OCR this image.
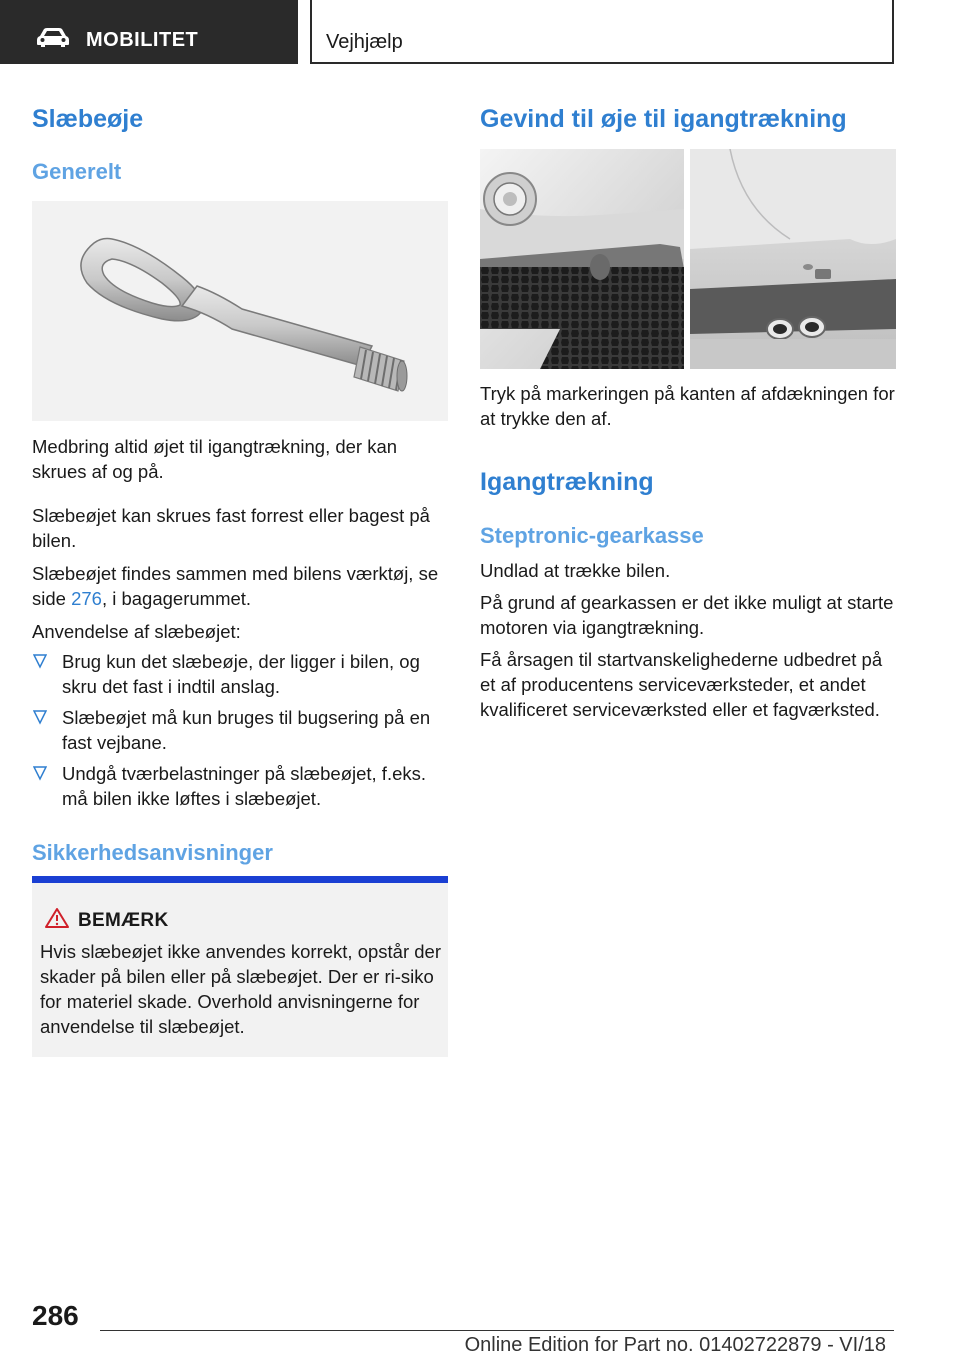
MOBILITET	Vejhjælp
Slæbeøje
Generelt

Medbring altid øjet til igangtrækning, der kan skrues af og på.

Slæbeøjet kan skrues fast forrest eller bagest på bilen.

Slæbeøjet findes sammen med bilens værktøj, se side 276, i bagagerummet.

Anvendelse af slæbeøjet:

Brug kun det slæbeøje, der ligger i bilen, og skru det fast i indtil anslag.
Slæbeøjet må kun bruges til bugsering på en fast vejbane.
Undgå tværbelastninger på slæbeøjet, f.eks. må bilen ikke løftes i slæbeøjet.
Sikkerhedsanvisninger
BEMÆRK
Hvis slæbeøjet ikke anvendes korrekt, opstår der skader på bilen eller på slæbeøjet. Der er ri-siko for materiel skade. Overhold anvisningerne for anvendelse til slæbeøjet.
Gevind til øje til igangtrækning

Tryk på markeringen på kanten af afdækningen for at trykke den af.

Igangtrækning
Steptronic-gearkasse

Undlad at trække bilen.

På grund af gearkassen er det ikke muligt at starte motoren via igangtrækning.

Få årsagen til startvanskelighederne udbedret på et af producentens serviceværksteder, et andet kvalificeret serviceværksted eller et fagværksted.

286
Online Edition for Part no. 01402722879 - VI/18
